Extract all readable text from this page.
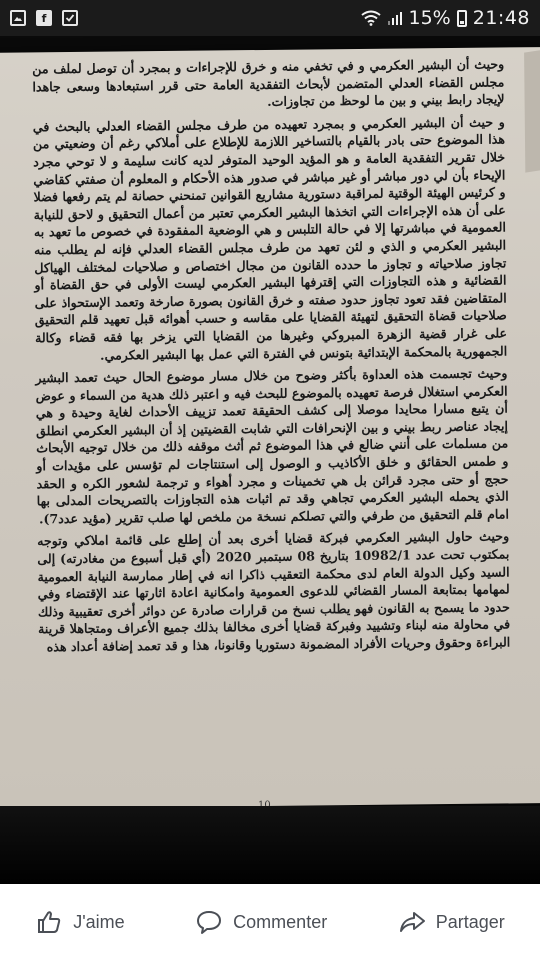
f	15% 21:48

وحيث أن البشير العكرمي و في تخفي منه و خرق للإجراءات و بمجرد أن توصل لملف من مجلس القضاء العدلي المتضمن لأبحاث التفقدية العامة حتى قرر استبعادها وسعى جاهدا لإيجاد رابط بيني و بين ما لوحظ من تجاوزات.

و حيث أن البشير العكرمي و بمجرد تعهيده من طرف مجلس القضاء العدلي بالبحث في هذا الموضوع حتى بادر بالقيام بالتساخير اللازمة للإطلاع على أملاكي رغم أن وضعيتي من خلال تقرير التفقدية العامة و هو المؤيد الوحيد المتوفر لديه كانت سليمة و لا توحي مجرد الإيحاء بأن لي دور مباشر أو غير مباشر في صدور هذه الأحكام و المعلوم أن صفتي كقاضي و كرئيس الهيئة الوقتية لمراقبة دستورية مشاريع القوانين تمنحني حصانة لم يتم رفعها فضلا على أن هذه الإجراءات التي اتخذها البشير العكرمي تعتبر من أعمال التحقيق و لاحق للنيابة العمومية في مباشرتها إلا في حالة التلبس و هي الوضعية المفقودة في خصوص ما تعهد به البشير العكرمي و الذي و لئن تعهد من طرف مجلس القضاء العدلي فإنه لم يطلب منه تجاوز صلاحياته و تجاوز ما حدده القانون من مجال اختصاص و صلاحيات لمختلف الهياكل القضائية و هذه التجاوزات التي إقترفها البشير العكرمي ليست الأولى في حق القضاة أو المتقاضين فقد تعود تجاوز حدود صفته و خرق القانون بصورة صارخة وتعمد الإستحواذ على صلاحيات قضاة التحقيق لتهيئة القضايا على مقاسه و حسب أهوائه قبل تعهيد قلم التحقيق على غرار قضية الزهرة المبروكي وغيرها من القضايا التي يزخر بها فقه قضاء وكالة الجمهورية بالمحكمة الإبتدائية بتونس في الفترة التي عمل بها البشير العكرمي.

وحيث تجسمت هذه العداوة بأكثر وضوح من خلال مسار موضوع الحال حيث تعمد البشير العكرمي استغلال فرصة تعهيده بالموضوع للبحث فيه و اعتبر ذلك هدية من السماء و عوض أن يتبع مسارا محايدا موصلا إلى كشف الحقيقة تعمد تزييف الأحداث لغاية وحيدة و هي إيجاد عناصر ربط بيني و بين الإنحرافات التي شابت القضيتين إذ أن البشير العكرمي انطلق من مسلمات على أنني ضالع في هذا الموضوع ثم أثث موقفه ذلك من خلال توجيه الأبحاث و طمس الحقائق و خلق الأكاذيب و الوصول إلى استنتاجات لم تؤسس على مؤيدات أو حجج أو حتى مجرد قرائن بل هي تخمينات و مجرد أهواء و ترجمة لشعور الكره و الحقد الذي يحمله البشير العكرمي تجاهي وقد تم اثبات هذه التجاوزات بالتصريحات المدلى بها امام قلم التحقيق من طرفي والتي تصلكم نسخة من ملخص لها صلب تقرير (مؤيد عدد7).

وحيث حاول البشير العكرمي فبركة قضايا أخرى بعد أن إطلع على قائمة املاكي وتوجه بمكتوب تحت عدد 10982/1 بتاريخ 08 سبتمبر 2020 (أي قبل أسبوع من مغادرته) إلى السيد وكيل الدولة العام لدى محكمة التعقيب ذاكرا انه في إطار ممارسة النيابة العمومية لمهامها بمتابعة المسار القضائي للدعوى العمومية وامكانية اعادة اثارتها عند الإقتضاء وفي حدود ما يسمح به القانون فهو يطلب نسخ من قرارات صادرة عن دوائر أخرى تعقيبية وذلك في محاولة منه لبناء وتشييد وفبركة قضايا أخرى مخالفا بذلك جميع الأعراف ومتجاهلا قرينة البراءة وحقوق وحريات الأفراد المضمونة دستوريا وقانونا، هذا و قد تعمد إضافة أعداد هذه

J'aime	Commenter	Partager
